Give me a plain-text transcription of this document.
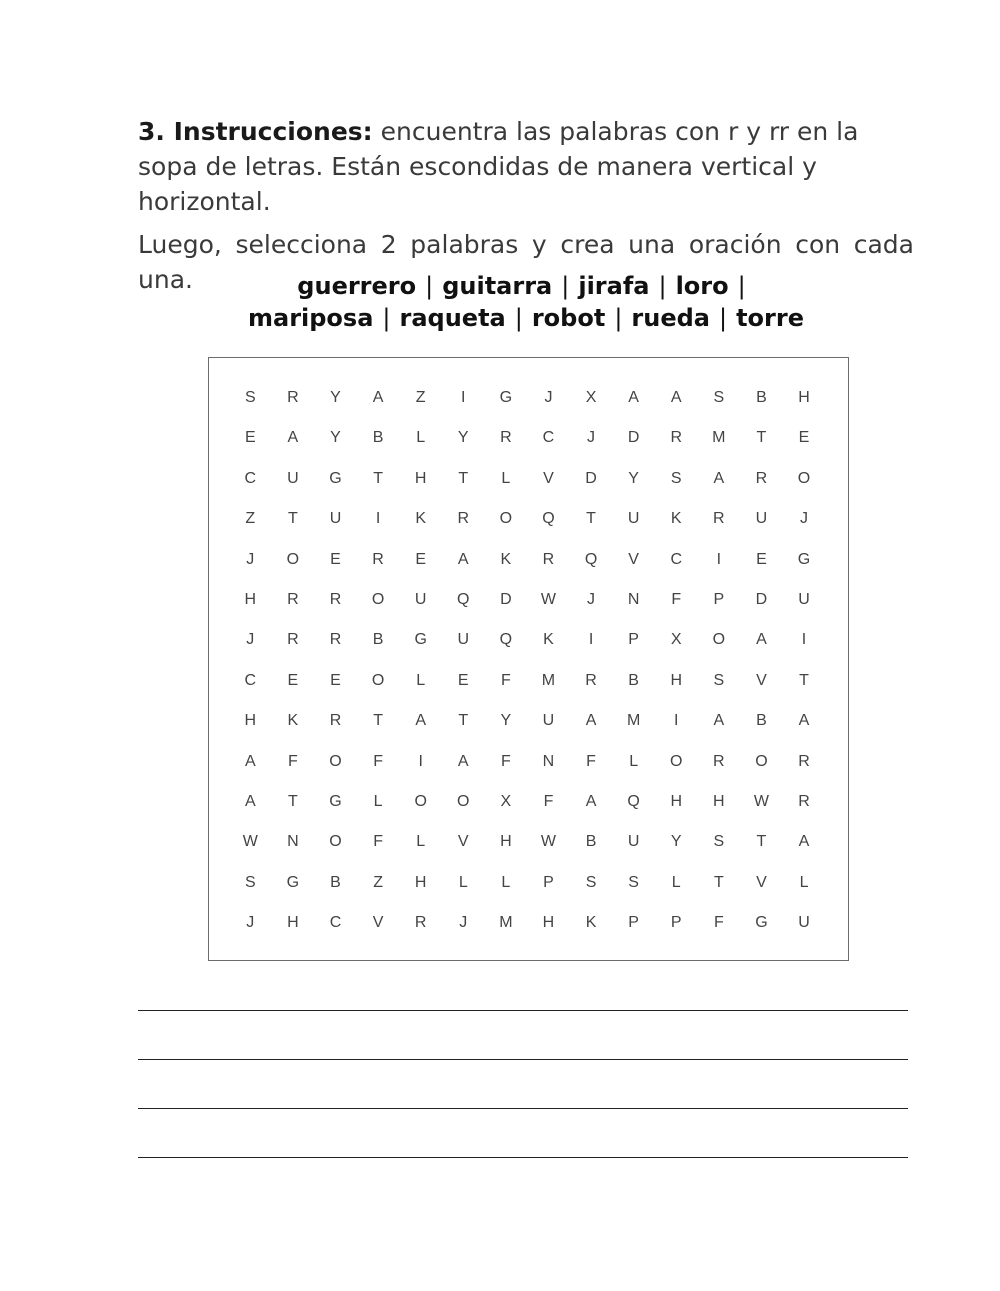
3. Instrucciones: encuentra las palabras con r y rr en la sopa de letras. Están escondidas de manera vertical y horizontal.

Luego, selecciona 2 palabras y crea una oración con cada una.	guerrero | guitarra | jirafa | loro |
mariposa | raqueta | robot | rueda | torre
S	R	Y	A	Z	I	G	J	X	A	A	S	B	H
E	A	Y	B	L	Y	R	C	J	D	R	M	T	E
C	U	G	T	H	T	L	V	D	Y	S	A	R	O
Z	T	U	I	K	R	O	Q	T	U	K	R	U	J
J	O	E	R	E	A	K	R	Q	V	C	I	E	G
H	R	R	O	U	Q	D	W	J	N	F	P	D	U
J	R	R	B	G	U	Q	K	I	P	X	O	A	I
C	E	E	O	L	E	F	M	R	B	H	S	V	T
H	K	R	T	A	T	Y	U	A	M	I	A	B	A
A	F	O	F	I	A	F	N	F	L	O	R	O	R
A	T	G	L	O	O	X	F	A	Q	H	H	W	R
W	N	O	F	L	V	H	W	B	U	Y	S	T	A
S	G	B	Z	H	L	L	P	S	S	L	T	V	L
J	H	C	V	R	J	M	H	K	P	P	F	G	U
